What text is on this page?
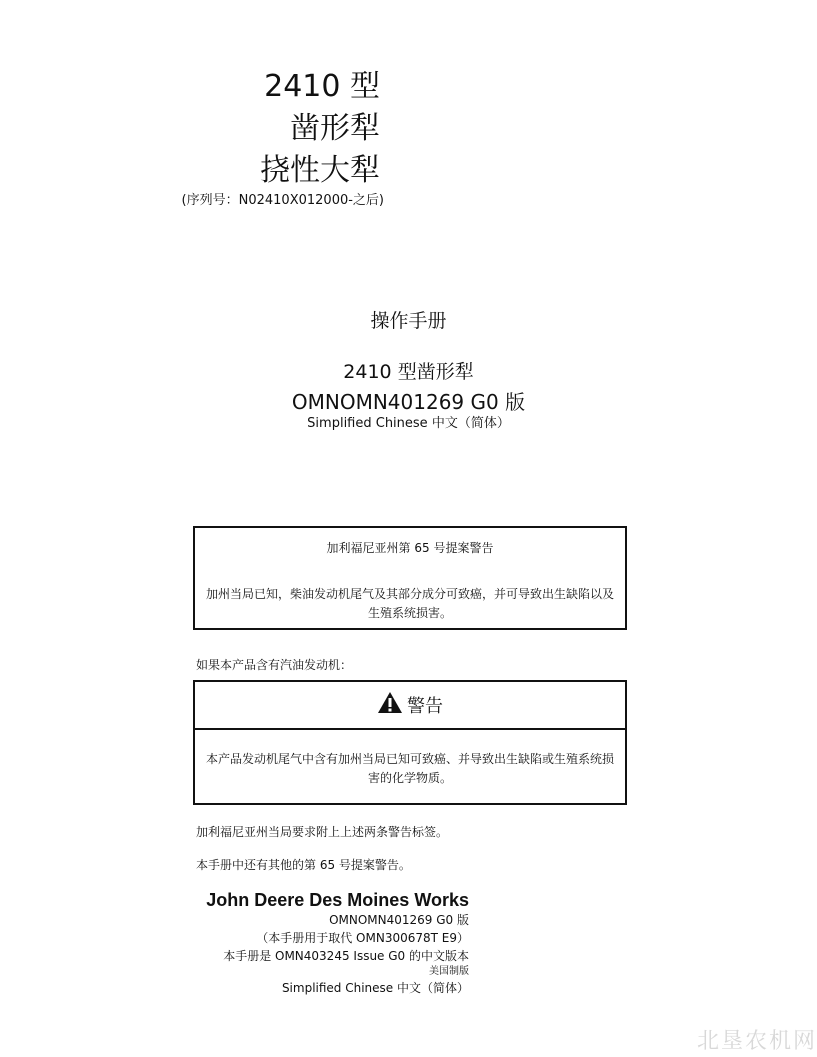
2410 型
凿形犁
挠性大犁
(序列号：N02410X012000-之后)
操作手册
2410 型凿形犁
OMNOMN401269 G0 版
Simplified Chinese 中文（简体）
加利福尼亚州第 65 号提案警告
加州当局已知，柴油发动机尾气及其部分成分可致癌，并可导致出生缺陷以及生殖系统损害。
如果本产品含有汽油发动机：
警告
本产品发动机尾气中含有加州当局已知可致癌、并导致出生缺陷或生殖系统损害的化学物质。
加利福尼亚州当局要求附上上述两条警告标签。
本手册中还有其他的第 65 号提案警告。
John Deere Des Moines Works
OMNOMN401269 G0 版
（本手册用于取代 OMN300678T E9）
本手册是 OMN403245 Issue G0 的中文版本
美国制版
Simplified Chinese 中文（简体）
北垦农机网
